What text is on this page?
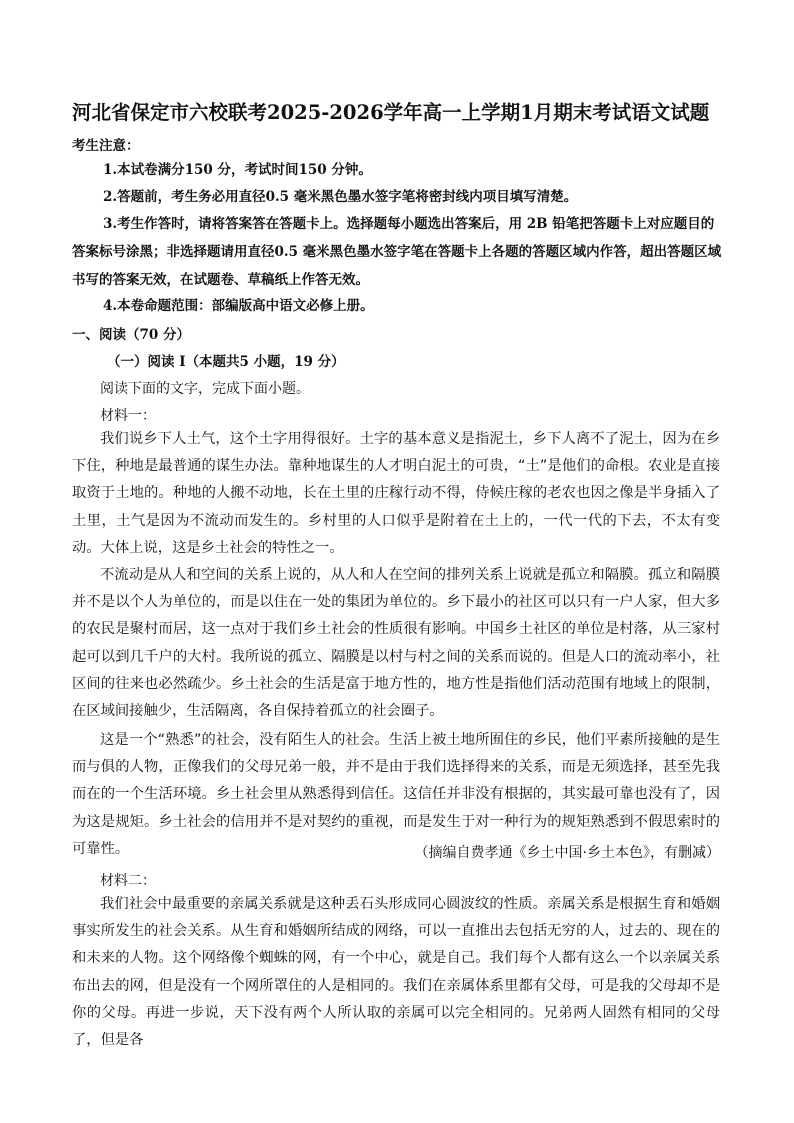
河北省保定市六校联考2025-2026学年高一上学期1月期末考试语文试题
考生注意：
1.本试卷满分150 分，考试时间150 分钟。
2.答题前，考生务必用直径0.5 毫米黑色墨水签字笔将密封线内项目填写清楚。
3.考生作答时，请将答案答在答题卡上。选择题每小题选出答案后，用 2B 铅笔把答题卡上对应题目的答案标号涂黑；非选择题请用直径0.5 毫米黑色墨水签字笔在答题卡上各题的答题区域内作答，超出答题区域书写的答案无效，在试题卷、草稿纸上作答无效。
4.本卷命题范围：部编版高中语文必修上册。
一、阅读（70 分）
（一）阅读 I（本题共5 小题，19 分）
阅读下面的文字，完成下面小题。
材料一：
我们说乡下人土气，这个土字用得很好。土字的基本意义是指泥土，乡下人离不了泥土，因为在乡下住，种地是最普通的谋生办法。靠种地谋生的人才明白泥土的可贵，“土”是他们的命根。农业是直接取资于土地的。种地的人搬不动地，长在土里的庄稼行动不得，侍候庄稼的老农也因之像是半身插入了土里，土气是因为不流动而发生的。乡村里的人口似乎是附着在土上的，一代一代的下去，不太有变动。大体上说，这是乡土社会的特性之一。
不流动是从人和空间的关系上说的，从人和人在空间的排列关系上说就是孤立和隔膜。孤立和隔膜并不是以个人为单位的，而是以住在一处的集团为单位的。乡下最小的社区可以只有一户人家，但大多的农民是聚村而居，这一点对于我们乡土社会的性质很有影响。中国乡土社区的单位是村落，从三家村起可以到几千户的大村。我所说的孤立、隔膜是以村与村之间的关系而说的。但是人口的流动率小，社区间的往来也必然疏少。乡土社会的生活是富于地方性的，地方性是指他们活动范围有地域上的限制，在区域间接触少，生活隔离，各自保持着孤立的社会圈子。
这是一个“熟悉”的社会，没有陌生人的社会。生活上被土地所囿住的乡民，他们平素所接触的是生而与俱的人物，正像我们的父母兄弟一般，并不是由于我们选择得来的关系，而是无须选择，甚至先我而在的一个生活环境。乡土社会里从熟悉得到信任。这信任并非没有根据的，其实最可靠也没有了，因为这是规矩。乡土社会的信用并不是对契约的重视，而是发生于对一种行为的规矩熟悉到不假思索时的可靠性。	（摘编自费孝通《乡土中国·乡土本色》，有删减）
材料二：
我们社会中最重要的亲属关系就是这种丢石头形成同心圆波纹的性质。亲属关系是根据生育和婚姻事实所发生的社会关系。从生育和婚姻所结成的网络，可以一直推出去包括无穷的人，过去的、现在的和未来的人物。这个网络像个蜘蛛的网，有一个中心，就是自己。我们每个人都有这么一个以亲属关系布出去的网，但是没有一个网所罩住的人是相同的。我们在亲属体系里都有父母，可是我的父母却不是你的父母。再进一步说，天下没有两个人所认取的亲属可以完全相同的。兄弟两人固然有相同的父母了，但是各
